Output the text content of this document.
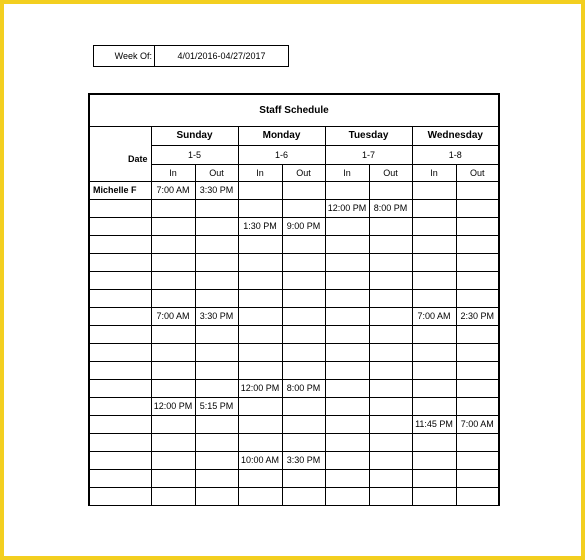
Week Of:	4/01/2016-04/27/2017
Staff Schedule								
	Sunday		Monday		Tuesday		Wednesday	
Date	1-5		1-6		1-7		1-8	
	In	Out	In	Out	In	Out	In	Out
Michelle F	7:00 AM	3:30 PM						
					12:00 PM	8:00 PM		
			1:30 PM	9:00 PM				

	7:00 AM	3:30 PM					7:00 AM	2:30 PM

			12:00 PM	8:00 PM				
	12:00 PM	5:15 PM						
							11:45 PM	7:00 AM

			10:00 AM	3:30 PM				
